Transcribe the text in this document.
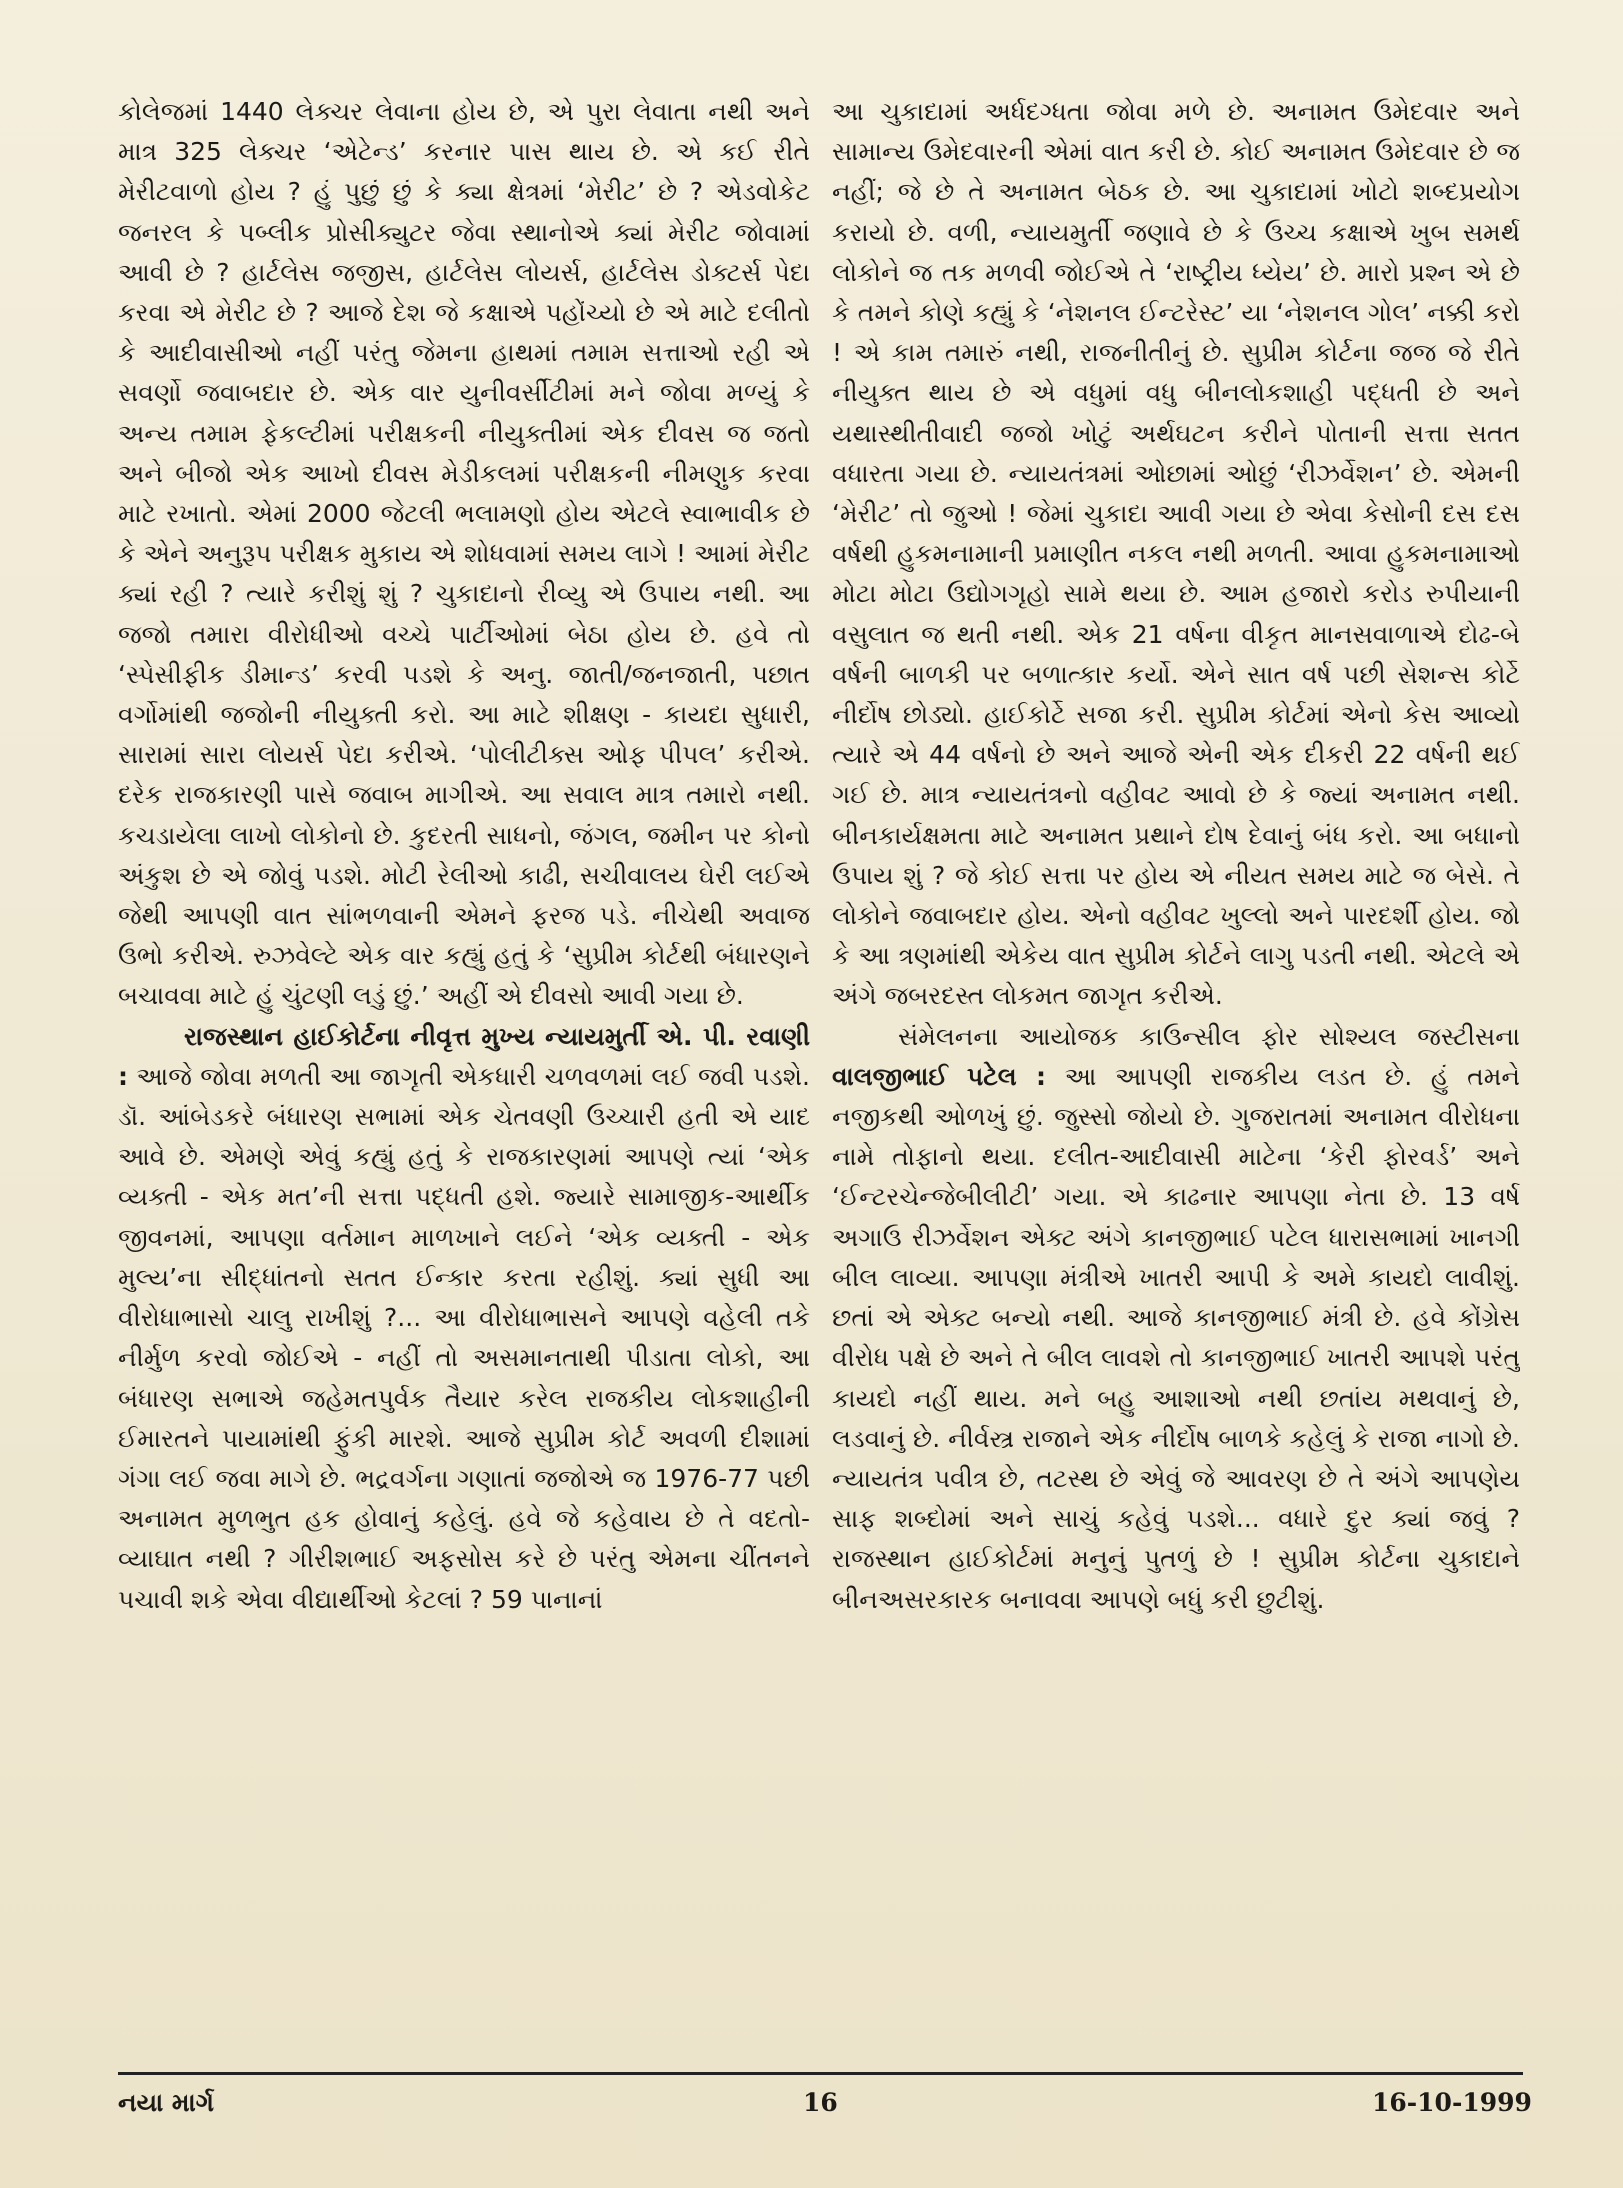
કોલેજમાં 1440 લેક્ચર લેવાના હોય છે, એ પુરા લેવાતા નથી અને માત્ર 325 લેક્ચર ‘એટેન્ડ’ કરનાર પાસ થાય છે. એ કઈ રીતે મેરીટવાળો હોય ? હું પુછું છું કે ક્યા ક્ષેત્રમાં ‘મેરીટ’ છે ? એડવોકેટ જનરલ કે પબ્લીક પ્રોસીક્યુટર જેવા સ્થાનોએ ક્યાં મેરીટ જોવામાં આવી છે ? હાર્ટલેસ જજીસ, હાર્ટલેસ લોયર્સ, હાર્ટલેસ ડોક્ટર્સ પેદા કરવા એ મેરીટ છે ? આજે દેશ જે કક્ષાએ પહોંચ્યો છે એ માટે દલીતો કે આદીવાસીઓ નહીં પરંતુ જેમના હાથમાં તમામ સત્તાઓ રહી એ સવર્ણો જવાબદાર છે. એક વાર યુનીવર્સીટીમાં મને જોવા મળ્યું કે અન્ય તમામ ફેકલ્ટીમાં પરીક્ષકની નીયુક્તીમાં એક દીવસ જ જતો અને બીજો એક આખો દીવસ મેડીકલમાં પરીક્ષકની નીમણુક કરવા માટે રખાતો. એમાં 2000 જેટલી ભલામણો હોય એટલે સ્વાભાવીક છે કે એને અનુરૂપ પરીક્ષક મુકાય એ શોધવામાં સમય લાગે ! આમાં મેરીટ ક્યાં રહી ? ત્યારે કરીશું શું ? ચુકાદાનો રીવ્યુ એ ઉપાય નથી. આ જજો તમારા વીરોધીઓ વચ્ચે પાર્ટીઓમાં બેઠા હોય છે. હવે તો ‘સ્પેસીફીક ડીમાન્ડ’ કરવી પડશે કે અનુ. જાતી/જનજાતી, પછાત વર્ગોમાંથી જજોની નીયુક્તી કરો. આ માટે શીક્ષણ - કાયદા સુધારી, સારામાં સારા લોયર્સ પેદા કરીએ. ‘પોલીટીક્સ ઓફ પીપલ’ કરીએ. દરેક રાજકારણી પાસે જવાબ માગીએ. આ સવાલ માત્ર તમારો નથી. કચડાયેલા લાખો લોકોનો છે. કુદરતી સાધનો, જંગલ, જમીન પર કોનો અંકુશ છે એ જોવું પડશે. મોટી રેલીઓ કાઢી, સચીવાલય ઘેરી લઈએ જેથી આપણી વાત સાંભળવાની એમને ફરજ પડે. નીચેથી અવાજ ઉભો કરીએ. રુઝવેલ્ટે એક વાર કહ્યું હતું કે ‘સુપ્રીમ કોર્ટથી બંધારણને બચાવવા માટે હું ચુંટણી લડું છું.’ અહીં એ દીવસો આવી ગયા છે.

રાજસ્થાન હાઈકોર્ટના નીવૃત્ત મુખ્ય ન્યાયમુર્તી એ. પી. રવાણી : આજે જોવા મળતી આ જાગૃતી એકધારી ચળવળમાં લઈ જવી પડશે. ડૉ. આંબેડકરે બંધારણ સભામાં એક ચેતવણી ઉચ્ચારી હતી એ યાદ આવે છે. એમણે એવું કહ્યું હતું કે રાજકારણમાં આપણે ત્યાં ‘એક વ્યક્તી - એક મત’ની સત્તા પદ્ધતી હશે. જ્યારે સામાજીક-આર્થીક જીવનમાં, આપણા વર્તમાન માળખાને લઈને ‘એક વ્યક્તી - એક મુલ્ય’ના સીદ્ધાંતનો સતત ઈન્કાર કરતા રહીશું. ક્યાં સુધી આ વીરોધાભાસો ચાલુ રાખીશું ?... આ વીરોધાભાસને આપણે વહેલી તકે નીર્મુળ કરવો જોઈએ - નહીં તો અસમાનતાથી પીડાતા લોકો, આ બંધારણ સભાએ જહેમતપુર્વક તૈયાર કરેલ રાજકીય લોકશાહીની ઈમારતને પાયામાંથી ફુંકી મારશે. આજે સુપ્રીમ કોર્ટ અવળી દીશામાં ગંગા લઈ જવા માગે છે. ભદ્રવર્ગના ગણાતાં જજોએ જ 1976-77 પછી અનામત મુળભુત હક હોવાનું કહેલું. હવે જે કહેવાય છે તે વદતો-વ્યાઘાત નથી ? ગીરીશભાઈ અફસોસ કરે છે પરંતુ એમના ચીંતનને પચાવી શકે એવા વીદ્યાર્થીઓ કેટલાં ? 59 પાનાનાં

આ ચુકાદામાં અર્ધદગ્ધતા જોવા મળે છે. અનામત ઉમેદવાર અને સામાન્ય ઉમેદવારની એમાં વાત કરી છે. કોઈ અનામત ઉમેદવાર છે જ નહીં; જે છે તે અનામત બેઠક છે. આ ચુકાદામાં ખોટો શબ્દપ્રયોગ કરાયો છે. વળી, ન્યાયમુર્તી જણાવે છે કે ઉચ્ચ કક્ષાએ ખુબ સમર્થ લોકોને જ તક મળવી જોઈએ તે ‘રાષ્ટ્રીય ધ્યેય’ છે. મારો પ્રશ્ન એ છે કે તમને કોણે કહ્યું કે ‘નેશનલ ઈન્ટરેસ્ટ’ યા ‘નેશનલ ગોલ’ નક્કી કરો ! એ કામ તમારું નથી, રાજનીતીનું છે. સુપ્રીમ કોર્ટના જજ જે રીતે નીયુક્ત થાય છે એ વધુમાં વધુ બીનલોકશાહી પદ્ધતી છે અને યથાસ્થીતીવાદી જજો ખોટું અર્થઘટન કરીને પોતાની સત્તા સતત વધારતા ગયા છે. ન્યાયતંત્રમાં ઓછામાં ઓછું ‘રીઝર્વેશન’ છે. એમની ‘મેરીટ’ તો જુઓ ! જેમાં ચુકાદા આવી ગયા છે એવા કેસોની દસ દસ વર્ષથી હુકમનામાની પ્રમાણીત નકલ નથી મળતી. આવા હુકમનામાઓ મોટા મોટા ઉદ્યોગગૃહો સામે થયા છે. આમ હજારો કરોડ રુપીયાની વસુલાત જ થતી નથી. એક 21 વર્ષના વીકૃત માનસવાળાએ દોઢ-બે વર્ષની બાળકી પર બળાત્કાર કર્યો. એને સાત વર્ષ પછી સેશન્સ કોર્ટે નીર્દોષ છોડ્યો. હાઈકોર્ટે સજા કરી. સુપ્રીમ કોર્ટમાં એનો કેસ આવ્યો ત્યારે એ 44 વર્ષનો છે અને આજે એની એક દીકરી 22 વર્ષની થઈ ગઈ છે. માત્ર ન્યાયતંત્રનો વહીવટ આવો છે કે જ્યાં અનામત નથી. બીનકાર્યક્ષમતા માટે અનામત પ્રથાને દોષ દેવાનું બંધ કરો. આ બધાનો ઉપાય શું ? જે કોઈ સત્તા પર હોય એ નીયત સમય માટે જ બેસે. તે લોકોને જવાબદાર હોય. એનો વહીવટ ખુલ્લો અને પારદર્શી હોય. જો કે આ ત્રણમાંથી એકેય વાત સુપ્રીમ કોર્ટને લાગુ પડતી નથી. એટલે એ અંગે જબરદસ્ત લોકમત જાગૃત કરીએ.

સંમેલનના આયોજક કાઉન્સીલ ફોર સોશ્યલ જસ્ટીસના વાલજીભાઈ પટેલ : આ આપણી રાજકીય લડત છે. હું તમને નજીકથી ઓળખું છું. જુસ્સો જોયો છે. ગુજરાતમાં અનામત વીરોધના નામે તોફાનો થયા. દલીત-આદીવાસી માટેના ‘કેરી ફોરવર્ડ’ અને ‘ઈન્ટરચેન્જેબીલીટી’ ગયા. એ કાઢનાર આપણા નેતા છે. 13 વર્ષ અગાઉ રીઝર્વેશન એક્ટ અંગે કાનજીભાઈ પટેલ ધારાસભામાં ખાનગી બીલ લાવ્યા. આપણા મંત્રીએ ખાતરી આપી કે અમે કાયદો લાવીશું. છતાં એ એક્ટ બન્યો નથી. આજે કાનજીભાઈ મંત્રી છે. હવે કોંગ્રેસ વીરોધ પક્ષે છે અને તે બીલ લાવશે તો કાનજીભાઈ ખાતરી આપશે પરંતુ કાયદો નહીં થાય. મને બહુ આશાઓ નથી છતાંય મથવાનું છે, લડવાનું છે. નીર્વસ્ત્ર રાજાને એક નીર્દોષ બાળકે કહેલું કે રાજા નાગો છે. ન્યાયતંત્ર પવીત્ર છે, તટસ્થ છે એવું જે આવરણ છે તે અંગે આપણેય સાફ શબ્દોમાં અને સાચું કહેવું પડશે... વધારે દુર ક્યાં જવું ? રાજસ્થાન હાઈકોર્ટમાં મનુનું પુતળું છે ! સુપ્રીમ કોર્ટના ચુકાદાને બીનઅસરકારક બનાવવા આપણે બધું કરી છુટીશું.

નયા માર્ગ	16	16-10-1999
